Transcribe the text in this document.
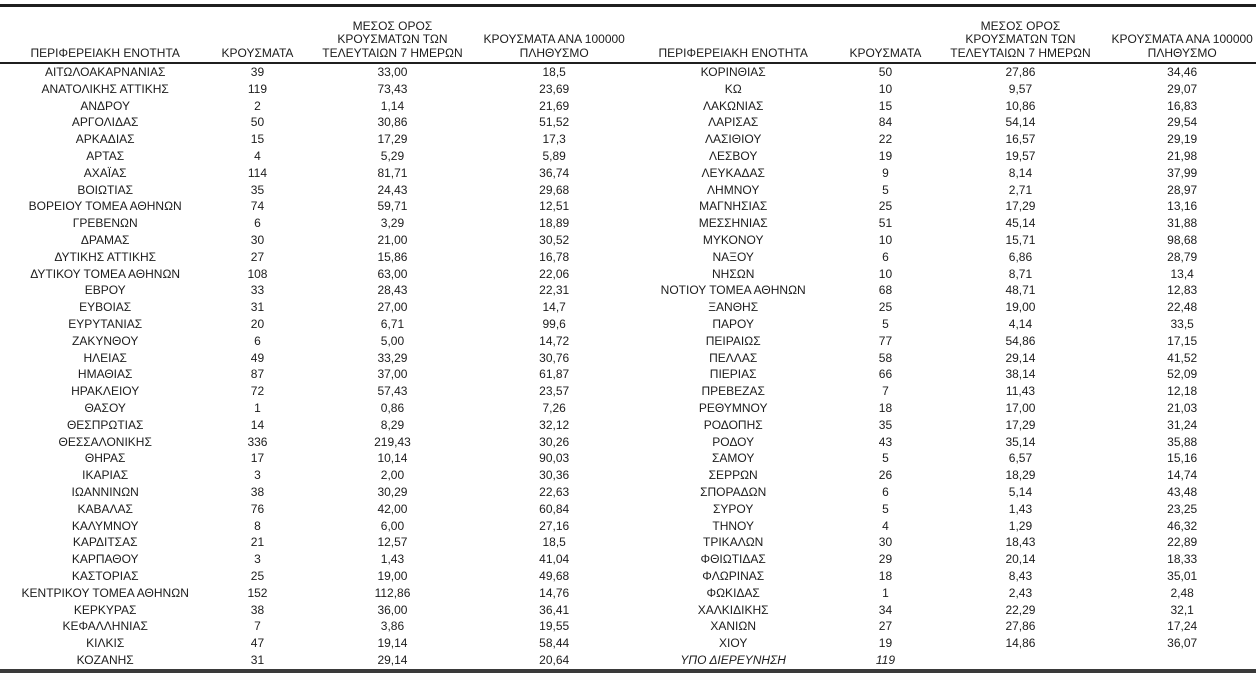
ΠΕΡΙΦΕΡΕΙΑΚΗ ΕΝΟΤΗΤΑ	ΚΡΟΥΣΜΑΤΑ
ΜΕΣΟΣ ΟΡΟΣ
ΚΡΟΥΣΜΑΤΩΝ ΤΩΝ
ΤΕΛΕΥΤΑΙΩΝ 7 ΗΜΕΡΩΝ
ΚΡΟΥΣΜΑΤΑ ΑΝΑ 100000
ΠΛΗΘΥΣΜΟ
ΑΙΤΩΛΟΑΚΑΡΝΑΝΙΑΣ	39	33,00	18,5
ΑΝΑΤΟΛΙΚΗΣ ΑΤΤΙΚΗΣ	119	73,43	23,69
ΑΝΔΡΟΥ	2	1,14	21,69
ΑΡΓΟΛΙΔΑΣ	50	30,86	51,52
ΑΡΚΑΔΙΑΣ	15	17,29	17,3
ΑΡΤΑΣ	4	5,29	5,89
ΑΧΑΪΑΣ	114	81,71	36,74
ΒΟΙΩΤΙΑΣ	35	24,43	29,68
ΒΟΡΕΙΟΥ ΤΟΜΕΑ ΑΘΗΝΩΝ	74	59,71	12,51
ΓΡΕΒΕΝΩΝ	6	3,29	18,89
ΔΡΑΜΑΣ	30	21,00	30,52
ΔΥΤΙΚΗΣ ΑΤΤΙΚΗΣ	27	15,86	16,78
ΔΥΤΙΚΟΥ ΤΟΜΕΑ ΑΘΗΝΩΝ	108	63,00	22,06
ΕΒΡΟΥ	33	28,43	22,31
ΕΥΒΟΙΑΣ	31	27,00	14,7
ΕΥΡΥΤΑΝΙΑΣ	20	6,71	99,6
ΖΑΚΥΝΘΟΥ	6	5,00	14,72
ΗΛΕΙΑΣ	49	33,29	30,76
ΗΜΑΘΙΑΣ	87	37,00	61,87
ΗΡΑΚΛΕΙΟΥ	72	57,43	23,57
ΘΑΣΟΥ	1	0,86	7,26
ΘΕΣΠΡΩΤΙΑΣ	14	8,29	32,12
ΘΕΣΣΑΛΟΝΙΚΗΣ	336	219,43	30,26
ΘΗΡΑΣ	17	10,14	90,03
ΙΚΑΡΙΑΣ	3	2,00	30,36
ΙΩΑΝΝΙΝΩΝ	38	30,29	22,63
ΚΑΒΑΛΑΣ	76	42,00	60,84
ΚΑΛΥΜΝΟΥ	8	6,00	27,16
ΚΑΡΔΙΤΣΑΣ	21	12,57	18,5
ΚΑΡΠΑΘΟΥ	3	1,43	41,04
ΚΑΣΤΟΡΙΑΣ	25	19,00	49,68
ΚΕΝΤΡΙΚΟΥ ΤΟΜΕΑ ΑΘΗΝΩΝ	152	112,86	14,76
ΚΕΡΚΥΡΑΣ	38	36,00	36,41
ΚΕΦΑΛΛΗΝΙΑΣ	7	3,86	19,55
ΚΙΛΚΙΣ	47	19,14	58,44
ΚΟΖΑΝΗΣ	31	29,14	20,64
ΠΕΡΙΦΕΡΕΙΑΚΗ ΕΝΟΤΗΤΑ	ΚΡΟΥΣΜΑΤΑ
ΜΕΣΟΣ ΟΡΟΣ
ΚΡΟΥΣΜΑΤΩΝ ΤΩΝ
ΤΕΛΕΥΤΑΙΩΝ 7 ΗΜΕΡΩΝ
ΚΡΟΥΣΜΑΤΑ ΑΝΑ 100000
ΠΛΗΘΥΣΜΟ
ΚΟΡΙΝΘΙΑΣ	50	27,86	34,46
ΚΩ	10	9,57	29,07
ΛΑΚΩΝΙΑΣ	15	10,86	16,83
ΛΑΡΙΣΑΣ	84	54,14	29,54
ΛΑΣΙΘΙΟΥ	22	16,57	29,19
ΛΕΣΒΟΥ	19	19,57	21,98
ΛΕΥΚΑΔΑΣ	9	8,14	37,99
ΛΗΜΝΟΥ	5	2,71	28,97
ΜΑΓΝΗΣΙΑΣ	25	17,29	13,16
ΜΕΣΣΗΝΙΑΣ	51	45,14	31,88
ΜΥΚΟΝΟΥ	10	15,71	98,68
ΝΑΞΟΥ	6	6,86	28,79
ΝΗΣΩΝ	10	8,71	13,4
ΝΟΤΙΟΥ ΤΟΜΕΑ ΑΘΗΝΩΝ	68	48,71	12,83
ΞΑΝΘΗΣ	25	19,00	22,48
ΠΑΡΟΥ	5	4,14	33,5
ΠΕΙΡΑΙΩΣ	77	54,86	17,15
ΠΕΛΛΑΣ	58	29,14	41,52
ΠΙΕΡΙΑΣ	66	38,14	52,09
ΠΡΕΒΕΖΑΣ	7	11,43	12,18
ΡΕΘΥΜΝΟΥ	18	17,00	21,03
ΡΟΔΟΠΗΣ	35	17,29	31,24
ΡΟΔΟΥ	43	35,14	35,88
ΣΑΜΟΥ	5	6,57	15,16
ΣΕΡΡΩΝ	26	18,29	14,74
ΣΠΟΡΑΔΩΝ	6	5,14	43,48
ΣΥΡΟΥ	5	1,43	23,25
ΤΗΝΟΥ	4	1,29	46,32
ΤΡΙΚΑΛΩΝ	30	18,43	22,89
ΦΘΙΩΤΙΔΑΣ	29	20,14	18,33
ΦΛΩΡΙΝΑΣ	18	8,43	35,01
ΦΩΚΙΔΑΣ	1	2,43	2,48
ΧΑΛΚΙΔΙΚΗΣ	34	22,29	32,1
ΧΑΝΙΩΝ	27	27,86	17,24
ΧΙΟΥ	19	14,86	36,07
ΥΠΟ ΔΙΕΡΕΥΝΗΣΗ	119
